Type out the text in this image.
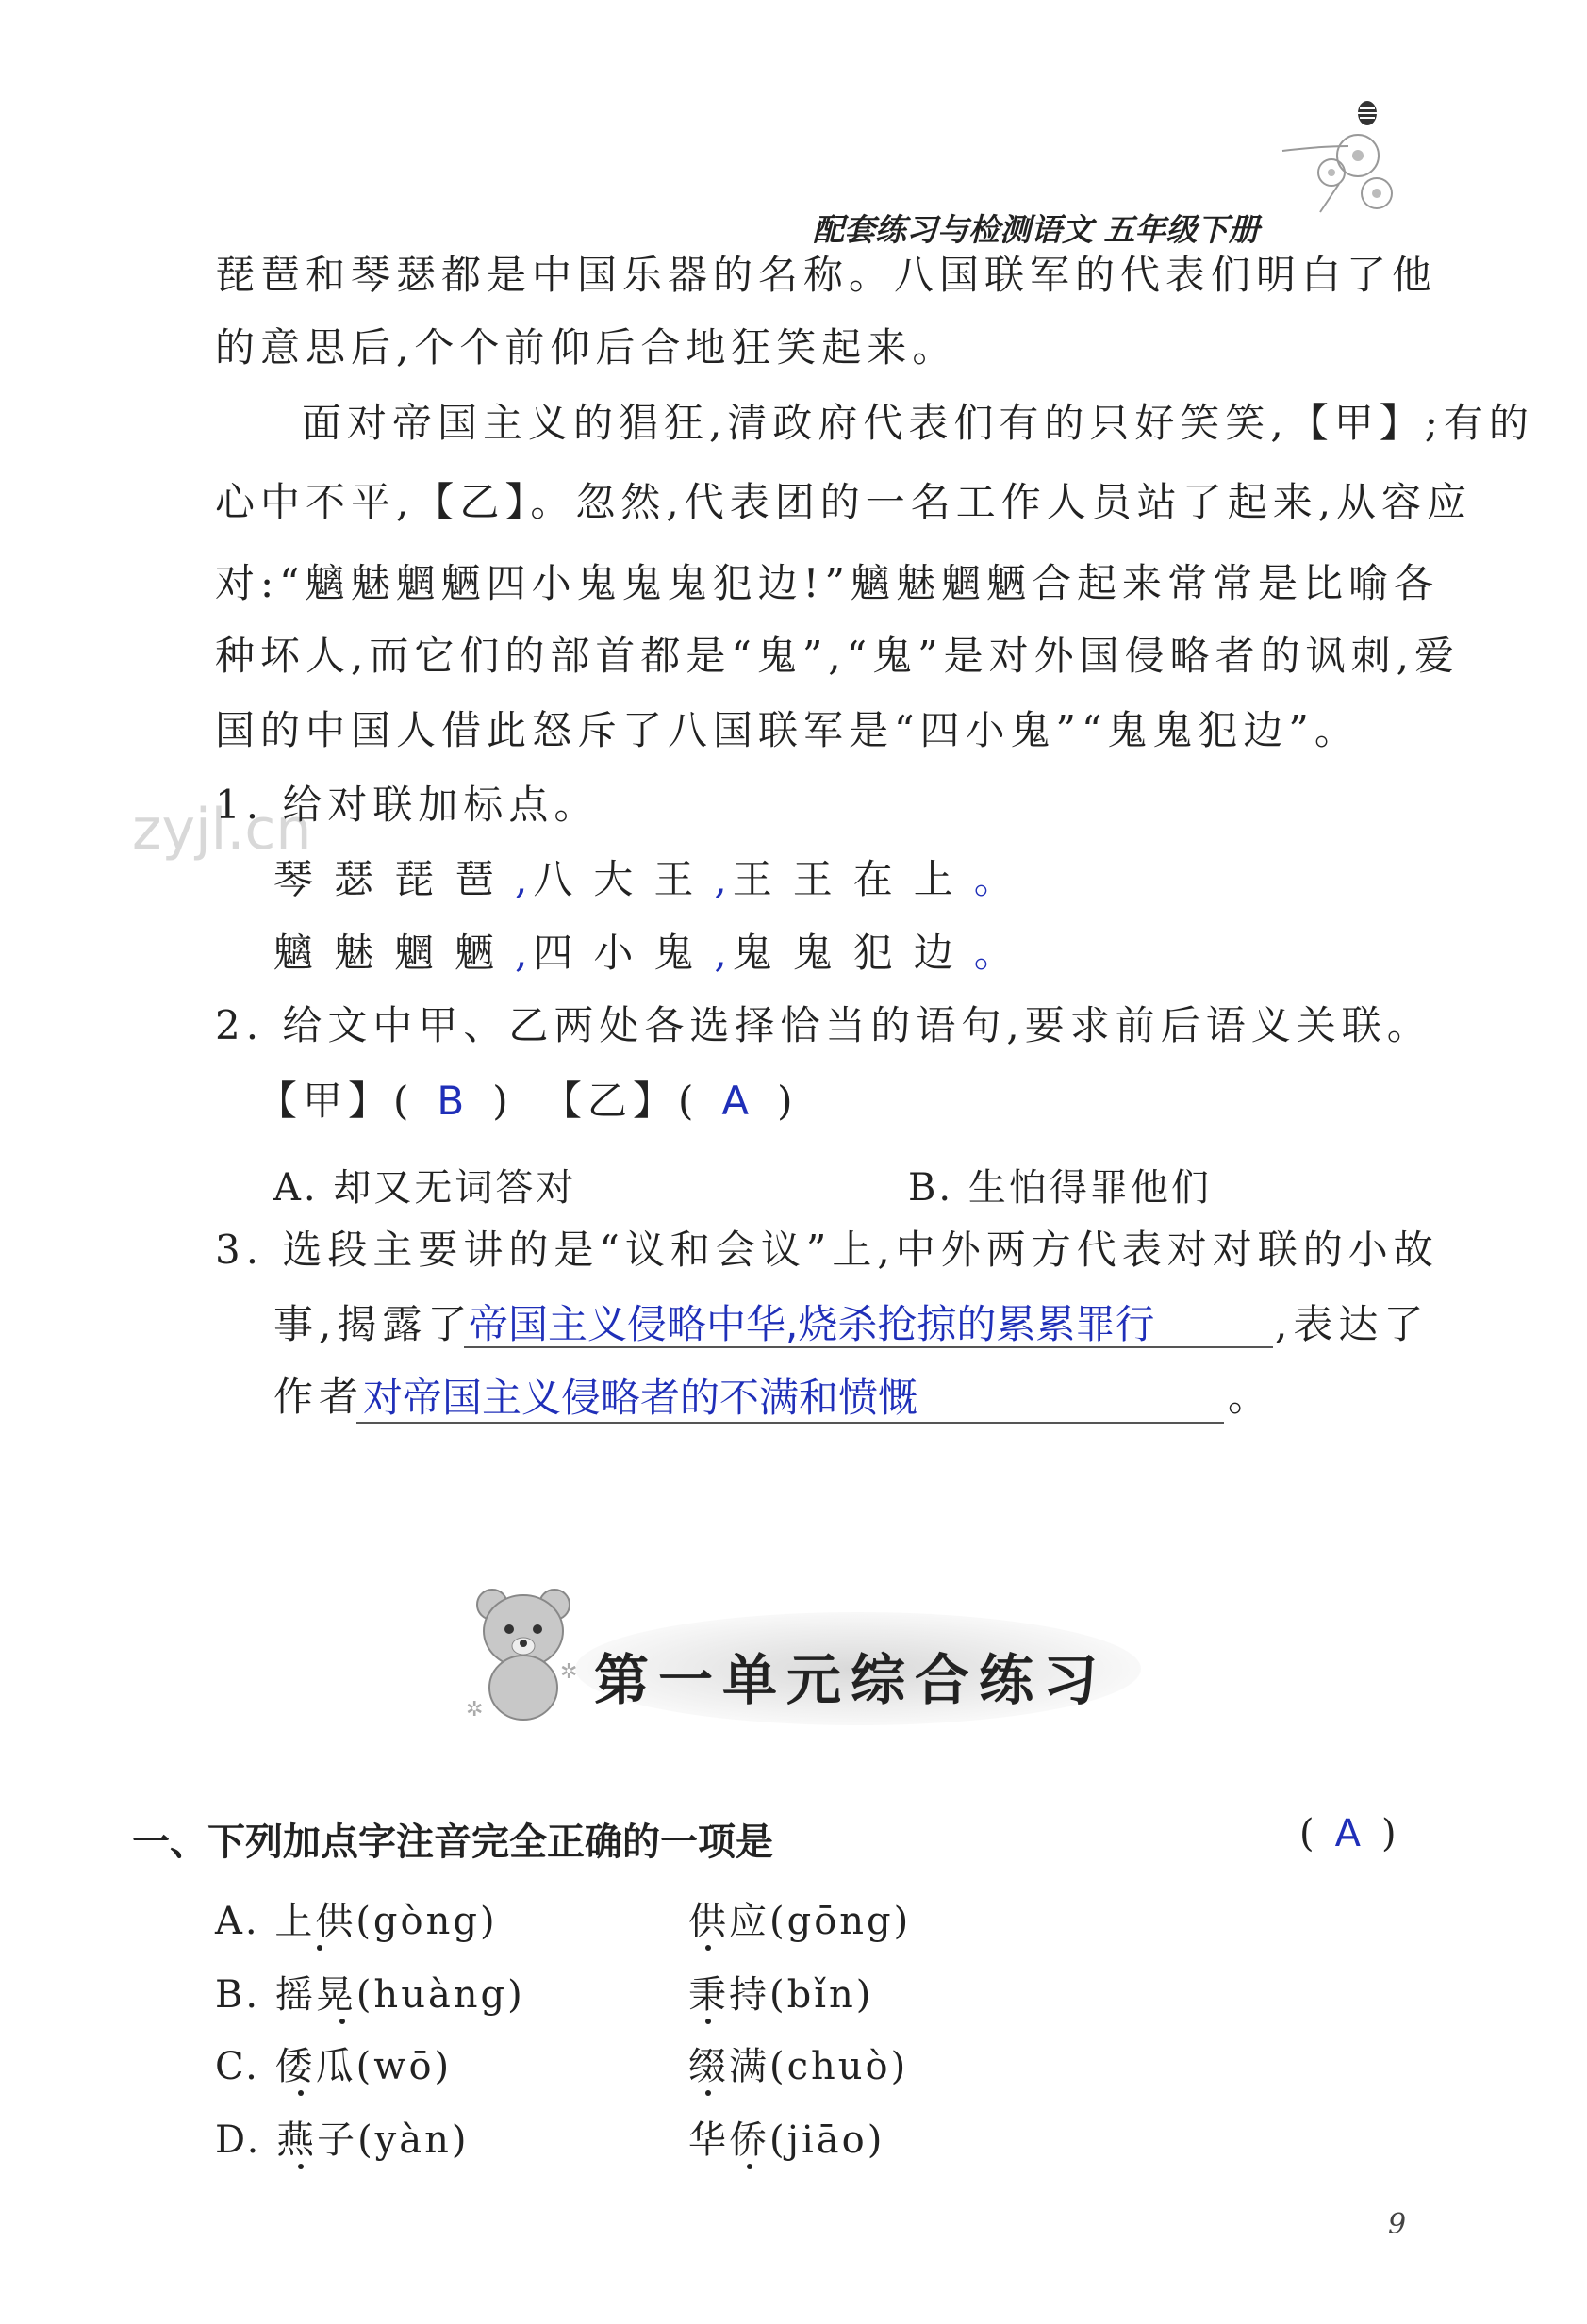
配套练习与检测语文 五年级下册
琵琶和琴瑟都是中国乐器的名称。八国联军的代表们明白了他
的意思后,个个前仰后合地狂笑起来。
面对帝国主义的猖狂,清政府代表们有的只好笑笑,【甲】;有的
心中不平,【乙】。忽然,代表团的一名工作人员站了起来,从容应
对:“魑魅魍魉四小鬼鬼鬼犯边!”魑魅魍魉合起来常常是比喻各
种坏人,而它们的部首都是“鬼”,“鬼”是对外国侵略者的讽刺,爱
国的中国人借此怒斥了八国联军是“四小鬼”“鬼鬼犯边”。
zyjl.cn
1. 给对联加标点。
琴瑟琵琶,八大王,王王在上。
魑魅魍魉,四小鬼,鬼鬼犯边。
2. 给文中甲、乙两处各选择恰当的语句,要求前后语义关联。
【甲】( B ) 【乙】( A )
A. 却又无词答对	B. 生怕得罪他们
3. 选段主要讲的是“议和会议”上,中外两方代表对对联的小故
事,揭露了
帝国主义侵略中华,烧杀抢掠的累累罪行	,表达了
作者
对帝国主义侵略者的不满和愤慨	。
✲
✲ 第一单元综合练习
一、下列加点字注音完全正确的一项是	( A )
A. 上供(gòng)	供应(gōng)
B. 摇晃(huàng)	秉持(bǐn)
C. 倭瓜(wō)	缀满(chuò)
D. 燕子(yàn)	华侨(jiāo)
9
